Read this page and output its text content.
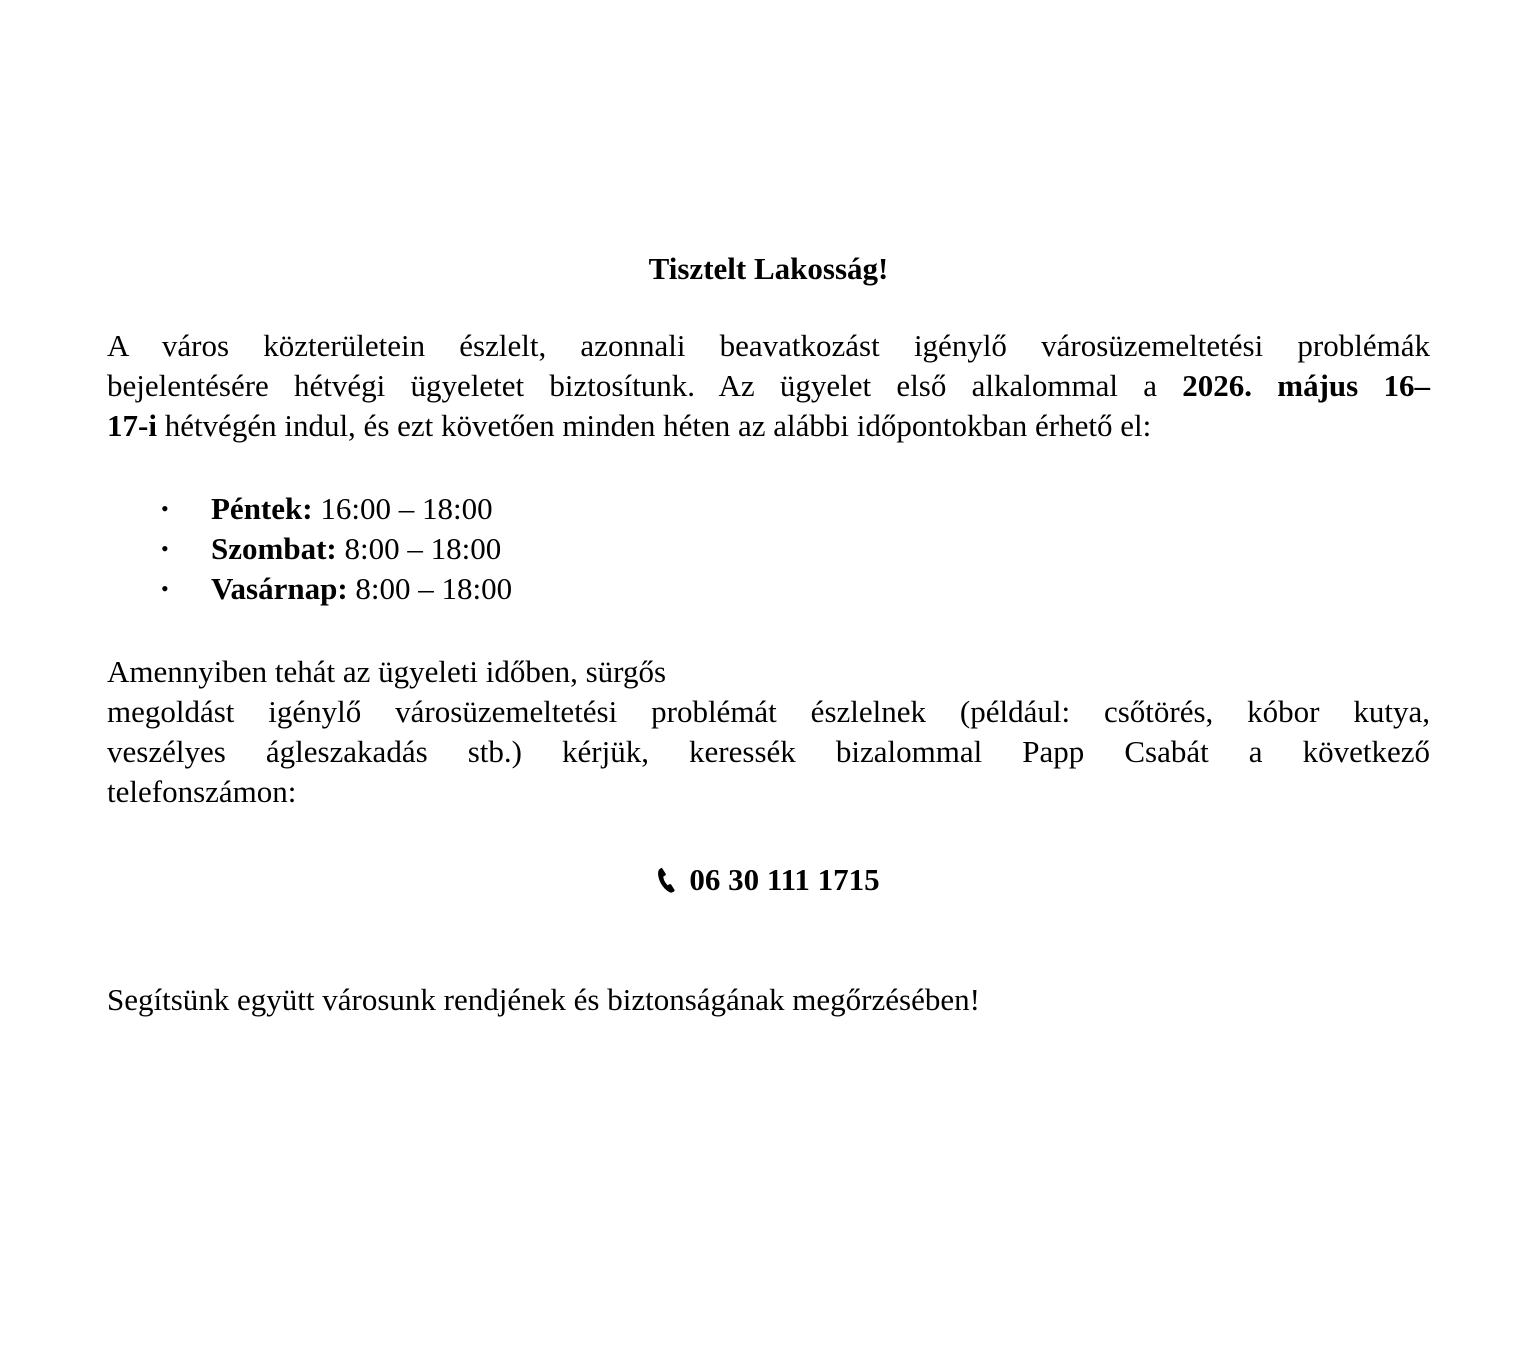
Tisztelt Lakosság!

A város közterületein észlelt, azonnali beavatkozást igénylő városüzemeltetési problémák
bejelentésére hétvégi ügyeletet biztosítunk. Az ügyelet első alkalommal a 2026. május 16–
17-i hétvégén indul, és ezt követően minden héten az alábbi időpontokban érhető el:

• Péntek: 16:00 – 18:00
• Szombat: 8:00 – 18:00
• Vasárnap: 8:00 – 18:00

Amennyiben tehát az ügyeleti időben, sürgős
megoldást igénylő városüzemeltetési problémát észlelnek (például: csőtörés, kóbor kutya,
veszélyes ágleszakadás stb.) kérjük, keressék bizalommal Papp Csabát a következő
telefonszámon:

06 30 111 1715

Segítsünk együtt városunk rendjének és biztonságának megőrzésében!
